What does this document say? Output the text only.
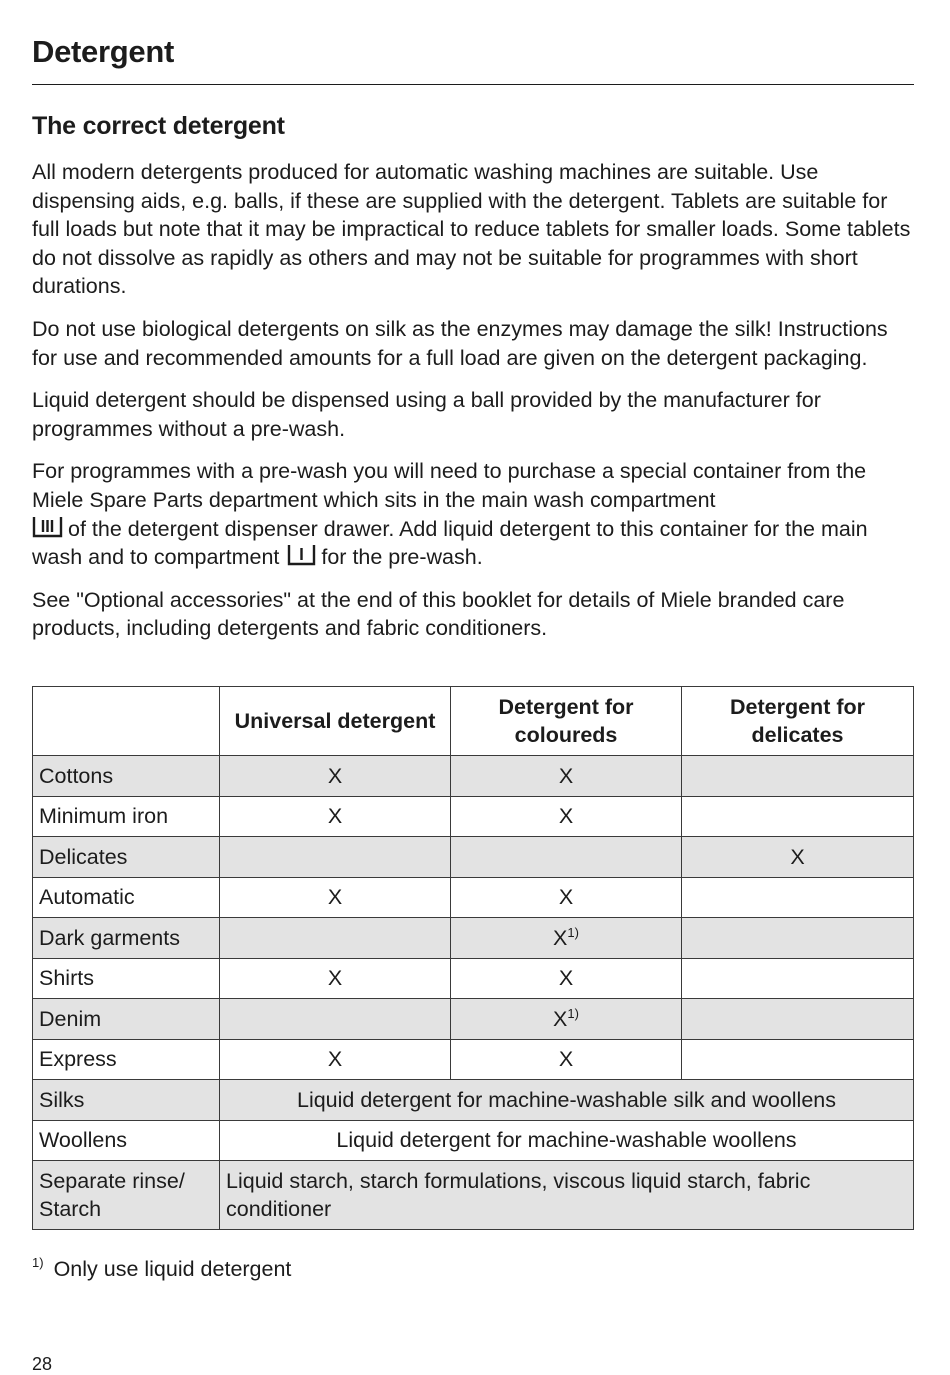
Detergent
The correct detergent

All modern detergents produced for automatic washing machines are suitable. Use dispensing aids, e.g. balls, if these are supplied with the detergent. Tablets are suitable for full loads but note that it may be impractical to reduce tablets for smaller loads. Some tablets do not dissolve as rapidly as others and may not be suitable for programmes with short durations.

Do not use biological detergents on silk as the enzymes may damage the silk! Instructions for use and recommended amounts for a full load are given on the detergent packaging.

Liquid detergent should be dispensed using a ball provided by the manufacturer for programmes without a pre-wash.

For programmes with a pre-wash you will need to purchase a special container from the Miele Spare Parts department which sits in the main wash compartment

of the detergent dispenser drawer. Add liquid detergent to this container for the main wash and to compartment for the pre-wash.

See "Optional accessories" at the end of this booklet for details of Miele branded care products, including detergents and fabric conditioners.

	Universal detergent	Detergent for coloureds	Detergent for delicates
Cottons	X	X	
Minimum iron	X	X	
Delicates			X
Automatic	X	X	
Dark garments		$X^{1)}$	
Shirts	X	X	
Denim		$X^{1)}$	
Express	X	X	
Silks	Liquid detergent for machine-washable silk and woollens		
Woollens	Liquid detergent for machine-washable woollens		
Separate rinse/ Starch	Liquid starch, starch formulations, viscous liquid starch, fabric conditioner		
$^{1)}$ Only use liquid detergent
28
